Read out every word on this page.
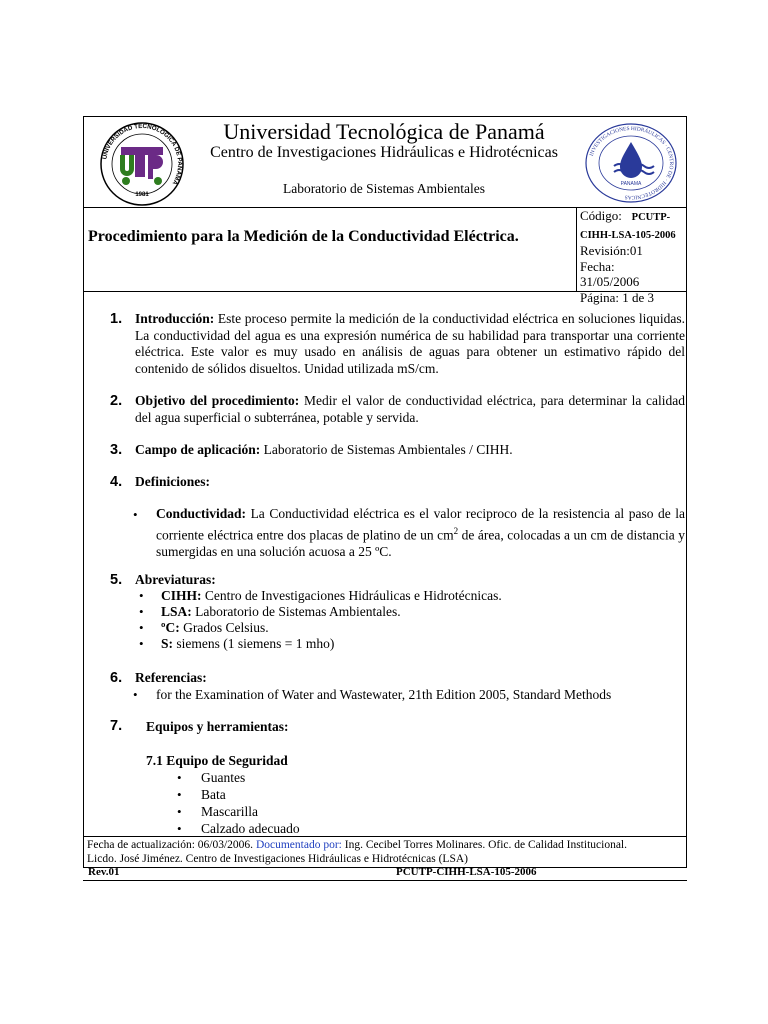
UNIVERSIDAD TECNOLOGICA DE PANAMA
1981
Universidad Tecnológica de Panamá
Centro de Investigaciones Hidráulicas e Hidrotécnicas
Laboratorio de Sistemas Ambientales
INVESTIGACIONES HIDRÁULICAS · CENTRO DE · HIDROTECNICAS
PANAMA
Procedimiento para la Medición de la Conductividad Eléctrica.
Código: PCUTP-
CIHH-LSA-105-2006
Revisión:01
Fecha:
31/05/2006
Página: 1 de 3
1. Introducción: Este proceso permite la medición de la conductividad eléctrica en soluciones liquidas. La conductividad del agua es una expresión numérica de su habilidad para transportar una corriente eléctrica. Este valor es muy usado en análisis de aguas para obtener un estimativo rápido del contenido de sólidos disueltos. Unidad utilizada mS/cm.
2. Objetivo del procedimiento: Medir el valor de conductividad eléctrica, para determinar la calidad del agua superficial o subterránea, potable y servida.
3. Campo de aplicación: Laboratorio de Sistemas Ambientales / CIHH.
4. Definiciones:
• Conductividad: La Conductividad eléctrica es el valor reciproco de la resistencia al paso de la corriente eléctrica entre dos placas de platino de un $cm^2$ de área, colocadas a un cm de distancia y sumergidas en una solución acuosa a 25 ºC.
5. Abreviaturas:
• CIHH: Centro de Investigaciones Hidráulicas e Hidrotécnicas.
• LSA: Laboratorio de Sistemas Ambientales.
• ºC: Grados Celsius.
• S: siemens (1 siemens = 1 mho)
6. Referencias:
• for the Examination of Water and Wastewater, 21th Edition 2005, Standard Methods
7. Equipos y herramientas:
7.1 Equipo de Seguridad
• Guantes
• Bata
• Mascarilla
• Calzado adecuado
Fecha de actualización: 06/03/2006. Documentado por: Ing. Cecibel Torres Molinares. Ofic. de Calidad Institucional.
Licdo. José Jiménez. Centro de Investigaciones Hidráulicas e Hidrotécnicas (LSA)
Rev.01	PCUTP-CIHH-LSA-105-2006
